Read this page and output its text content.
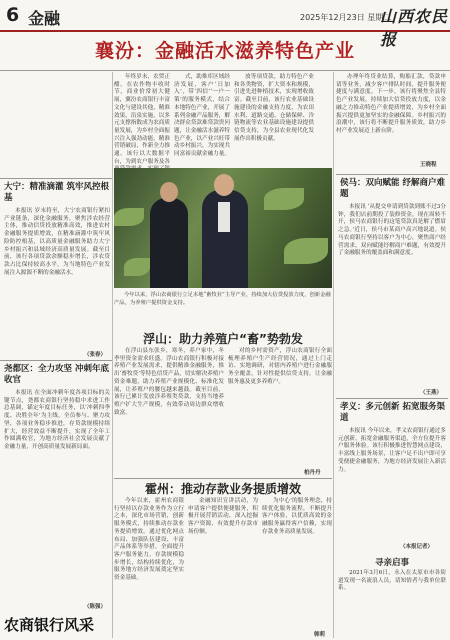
6 金融	2025年12月23日 星期二
山西农民报
襄汾：金融活水滋养特色产业

年终岁末，农贸正酣。在农作物丰收时节，商业价常初大健展，翼汾农商银行丰富文化与建设其他，精准效果，沿泉实施，以多元支撑指数成为农商质量发展，为乡村全面振兴注入强劲动能。精准营销破局，作新全力推通。该行以大数据平台，为到农户服务及各

式，助推库区域经济发展，客户‘日加入’，带‘四信’‘一户一策’的服务模式，结合本地特色产业，开展了系列金融产品服务，解决群众贷款难贷款贵问题，让金融活水滋养特色产业，以产业兴旺带动乡村振兴，为实现共同富裕贡献金融力量。

放等项贷款，助力特色产业和各类物资，扩大资本和规模，引进先进种植技术，实现增收致富。截至目前，该行农业基础设施建设的金融支持力度，为农田水利、道路交通、仓储保鲜、冷链物流等农业基础设施建设提供信贷支持，为全县农业现代化发展作出积极贡献。

办理年终贷业结算，购船汇款，贷款申请等业务，减少客户排队时间，提升服务便捷度与满意度。下一步，该行将聚焦全县特色产业发展，持续加大信贷投放力度，以金融之力推动特色产业提质增效，为乡村全面振兴提供更加坚实的金融保障。乡村振兴的浪潮中，该行将不断提升服务质效，助力乡村产业发展迈上新台阶。

王晓程
今年以来，浮山农商银行立足本地“畜牧业”主导产业，持续加大信贷投放力度，创新金融产品，为养殖户提供资金支持。
大宁：精准滴灌 筑牢风控根基

本报讯 岁末将至，大宁农商银行紧扣产业链条，深化金融服务，聚焦涉农经营主体，推动信贷投放精准高效，推进农村金融服务提质增效，在精准滴灌中筑牢风险防控根基，以高质量金融服务助力大宁乡村振兴和县域经济高质量发展。截至目前，该行各项贷款余额稳步增长，涉农贷款占比保持较高水平，为当地特色产业发展注入源源不断的金融活水。

（张春）
尧都区：全力攻坚 冲刺年底收官

本报讯 在全面冲刺年度各项目标的关键节点，尧都农商银行坚持稳中求进工作总基调，锚定年度目标任务，以‘冲刺四季度、决胜全年’为主线，全员参与、聚力攻坚，各项业务稳步推进，存贷款规模持续扩大，经营效益不断提升，实现了全年工作圆满收官，为地方经济社会发展贡献了金融力量，开创高质量发展新局面。

（陈强）
农商银行风采
浮山：助力养殖户“畜”势勃发

在浮山县东张乡，寒冬，养户家中，冬季里资金需求旺盛。浮山农商银行积极对接养殖产业发展需求，提供精准金融服务，推出‘畜牧贷’等特色信贷产品，切实解决养殖户资金难题，助力养殖产业规模化、标准化发展，让养殖户的腰包越来越鼓。截至目前，该行已累计发放涉养殖类贷款，支持当地养殖户扩大生产规模，有效带动周边群众增收致富。

对的乡村需资产，浮山农商银行全面梳理养殖户生产经营情况，通过上门走访、实地调研，对辖内养殖户进行金融服务全覆盖，针对性提供信贷支持，让金融服务惠及更多养殖户。

柏丹丹
霍州：推动存款业务提质增效

今年以来，霍州农商银行坚持以存款业务作为立行之本，深化市场营销，创新服务模式，持续推动存款业务提质增效。通过优化网点布局、加强队伍建设、丰富产品体系等举措，全面提升客户服务能力，存款规模稳步增长，结构持续优化，为服务地方经济发展奠定坚实资金基础。

金融知识宣讲活动，为申请客户提供便捷服务，积极开展营销活动，深入挖掘客户资源，有效提升存款市场份额。

为中心’的服务理念，持续优化服务流程，不断提升客户体验，以优质高效的金融服务赢得客户信赖，实现存款业务高质量发展。

韩莉
侯马：双向赋能 纾解商户难题

本报讯 ‘从提交申请到贷款到账不过3分钟，我们店前期投了装修资金，现在周转不开，侯马农商银行的这笔贷款真是解了燃眉之急。’近日，侯马市某商户高兴地说道。侯马农商银行坚持以客户为中心，聚焦商户经营需求，双向赋能纾解商户难题，有效提升了金融服务的覆盖面和满意度。

（王燕）
孝义：多元创新 拓宽服务渠道

本报讯 今年以来，孝义农商银行通过多元创新，拓宽金融服务渠道，全方位提升客户服务体验。该行积极推进智慧网点建设，丰富线上服务场景，让客户足不出户即可享受便捷金融服务，为地方经济发展注入新活力。

（本报记者）
寻亲启事

2021年3月6日，永入在太原市市各街道发现一名流浪人员，请知情者与我单位联系。
